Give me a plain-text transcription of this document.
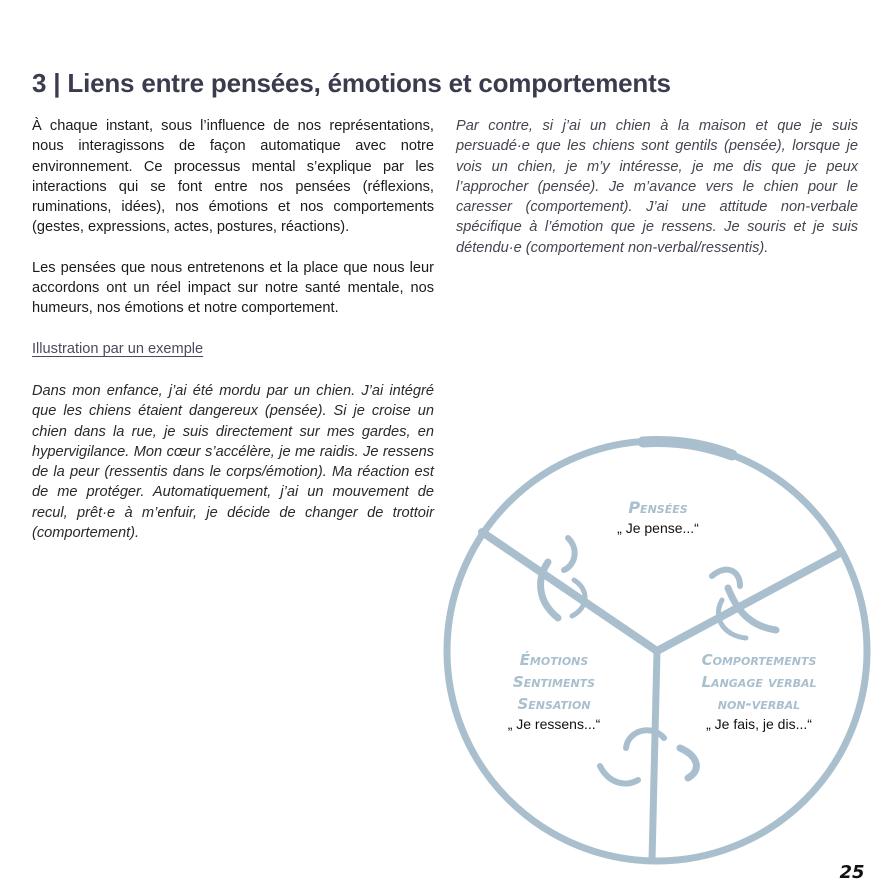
3 | Liens entre pensées, émotions et comportements

À chaque instant, sous l’influence de nos représentations, nous interagissons de façon automatique avec notre environnement. Ce processus mental s’explique par les interactions qui se font entre nos pensées (réflexions, ruminations, idées), nos émotions et nos comportements (gestes, expressions, actes, postures, réactions).

Les pensées que nous entretenons et la place que nous leur accordons ont un réel impact sur notre santé mentale, nos humeurs, nos émotions et notre comportement.

Illustration par un exemple

Dans mon enfance, j’ai été mordu par un chien. J’ai intégré que les chiens étaient dangereux (pensée). Si je croise un chien dans la rue, je suis directement sur mes gardes, en hypervigilance. Mon cœur s’accélère, je me raidis. Je ressens de la peur (ressentis dans le corps/émotion). Ma réaction est de me protéger. Automatiquement, j’ai un mouvement de recul, prêt·e à m’enfuir, je décide de changer de trottoir (comportement).

Par contre, si j’ai un chien à la maison et que je suis persuadé·e que les chiens sont gentils (pensée), lorsque je vois un chien, je m’y intéresse, je me dis que je peux l’approcher (pensée). Je m’avance vers le chien pour le caresser (comportement). J’ai une attitude non-verbale spécifique à l’émotion que je ressens. Je souris et je suis détendu·e (comportement non-verbal/ressentis).

Pensées
„ Je pense...“
Émotions
Sentiments
Sensation
„ Je ressens...“
Comportements
Langage verbal
non-verbal
„ Je fais, je dis...“
25
